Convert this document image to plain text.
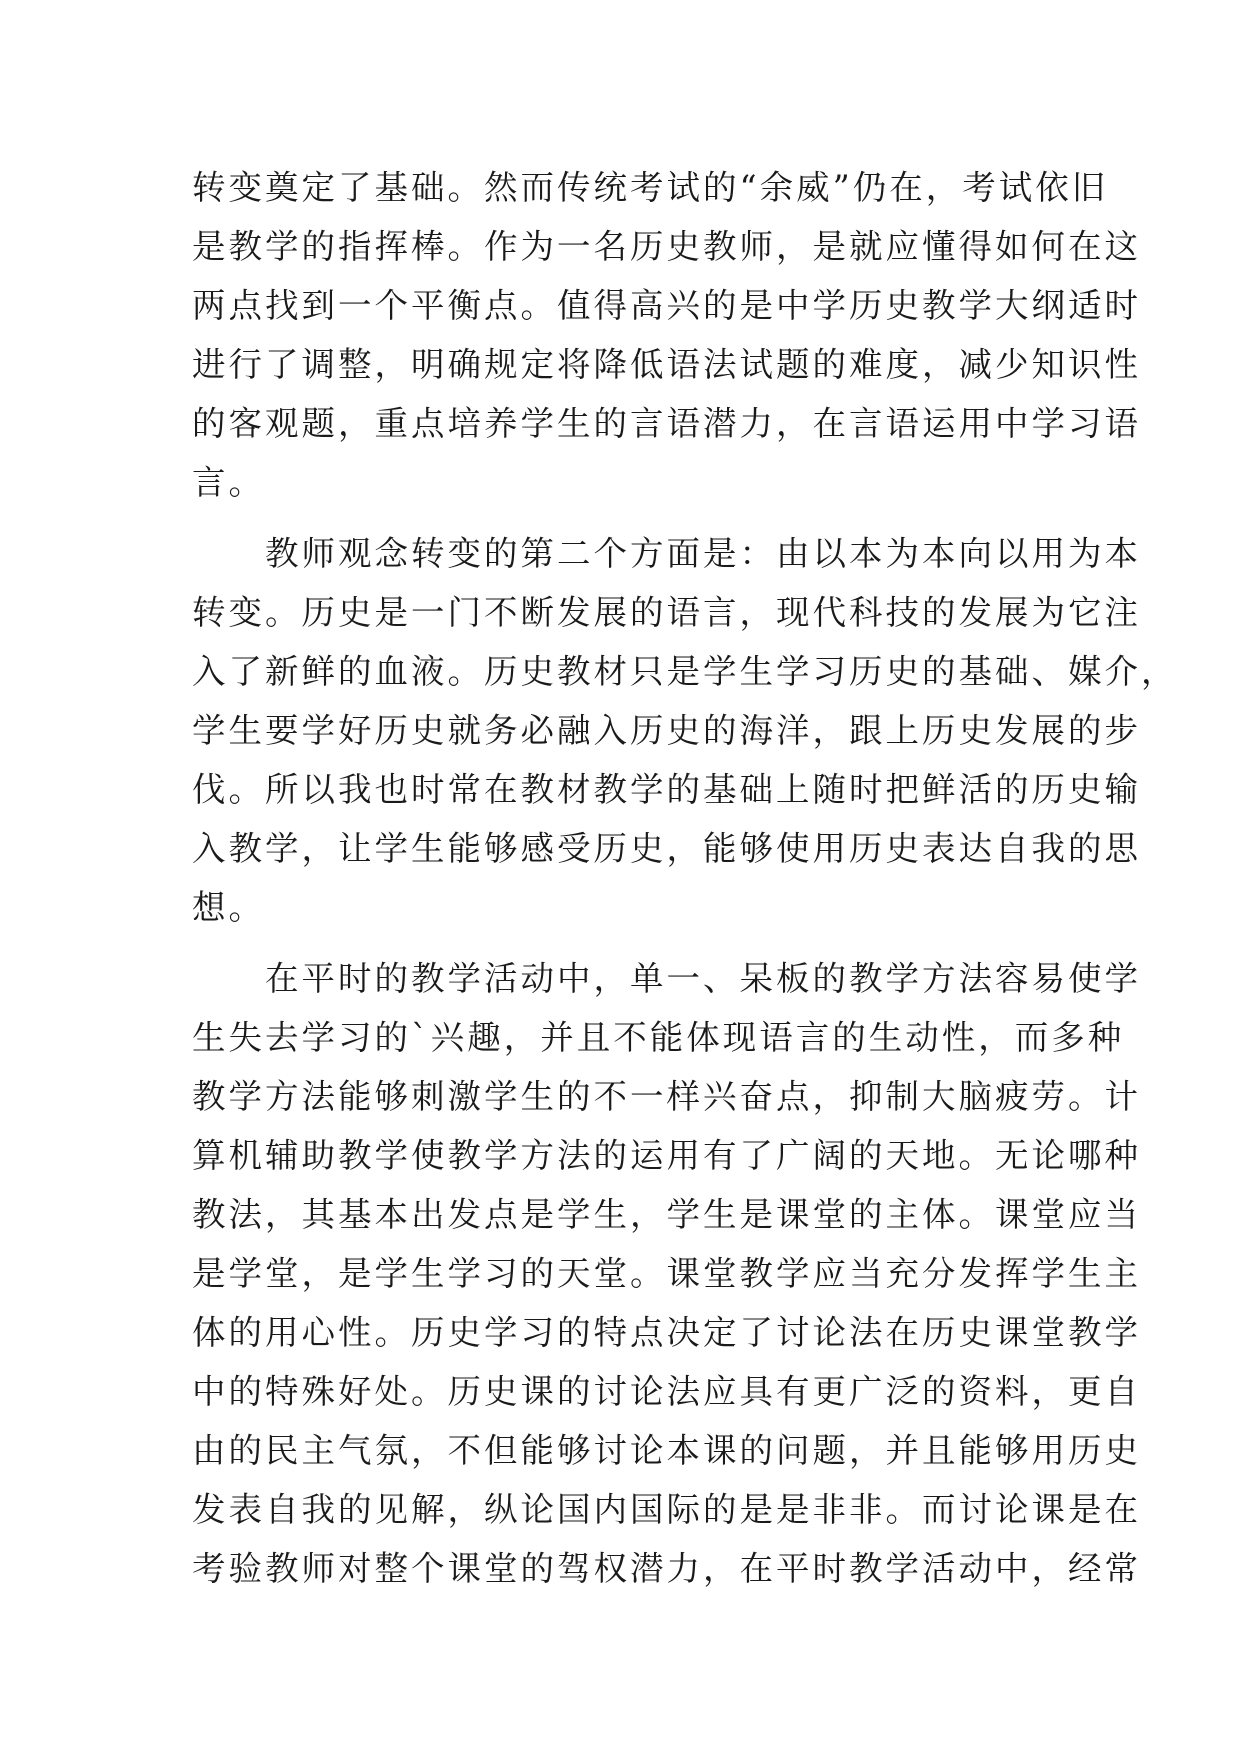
转变奠定了基础。然而传统考试的“余威”仍在，考试依旧
是教学的指挥棒。作为一名历史教师，是就应懂得如何在这
两点找到一个平衡点。值得高兴的是中学历史教学大纲适时
进行了调整，明确规定将降低语法试题的难度，减少知识性
的客观题，重点培养学生的言语潜力，在言语运用中学习语
言。
　　教师观念转变的第二个方面是：由以本为本向以用为本
转变。历史是一门不断发展的语言，现代科技的发展为它注
入了新鲜的血液。历史教材只是学生学习历史的基础、媒介，
学生要学好历史就务必融入历史的海洋，跟上历史发展的步
伐。所以我也时常在教材教学的基础上随时把鲜活的历史输
入教学，让学生能够感受历史，能够使用历史表达自我的思
想。
　　在平时的教学活动中，单一、呆板的教学方法容易使学
生失去学习的`兴趣，并且不能体现语言的生动性，而多种
教学方法能够刺激学生的不一样兴奋点，抑制大脑疲劳。计
算机辅助教学使教学方法的运用有了广阔的天地。无论哪种
教法，其基本出发点是学生，学生是课堂的主体。课堂应当
是学堂，是学生学习的天堂。课堂教学应当充分发挥学生主
体的用心性。历史学习的特点决定了讨论法在历史课堂教学
中的特殊好处。历史课的讨论法应具有更广泛的资料，更自
由的民主气氛，不但能够讨论本课的问题，并且能够用历史
发表自我的见解，纵论国内国际的是是非非。而讨论课是在
考验教师对整个课堂的驾权潜力，在平时教学活动中，经常
